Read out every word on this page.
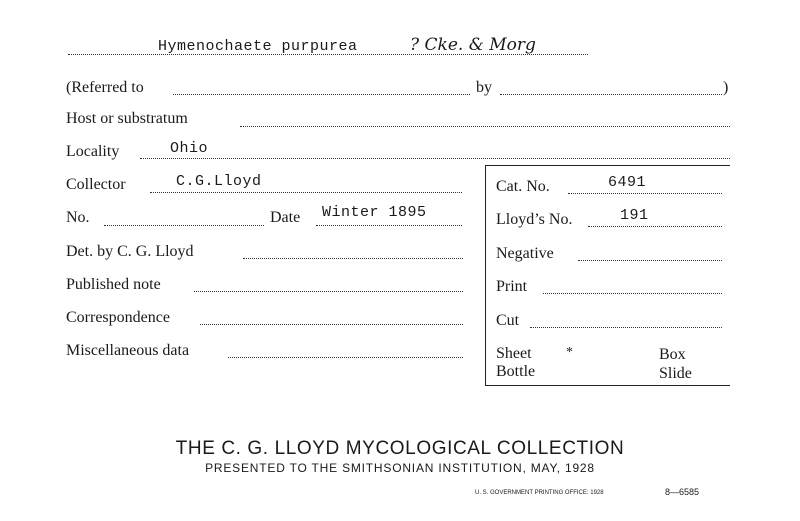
Hymenochaete purpurea	? Cke. & Morg
(Referred to	by	)
Host or substratum
Locality	Ohio
Collector	C.G.Lloyd
No.	Date Winter 1895
Det. by C. G. Lloyd
Published note
Correspondence
Miscellaneous data
Cat. No.	6491
Lloyd’s No.	191
Negative
Print
Cut
Sheet *	Box
Bottle	Slide
THE C. G. LLOYD MYCOLOGICAL COLLECTION
PRESENTED TO THE SMITHSONIAN INSTITUTION, MAY, 1928
U. S. GOVERNMENT PRINTING OFFICE: 1928	8—6585
